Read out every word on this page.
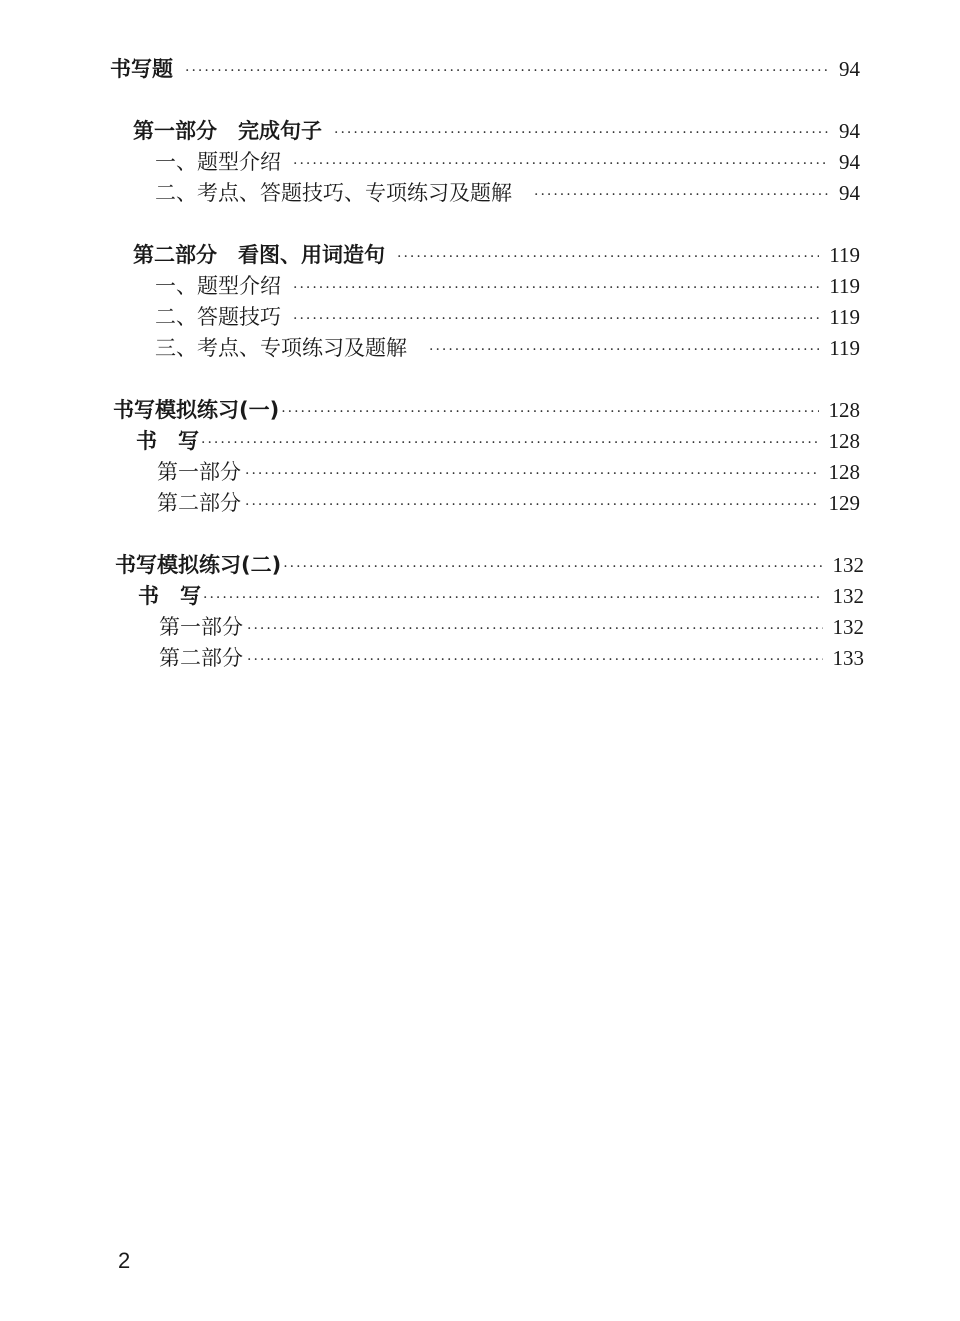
书写题 ·····	94
第一部分　完成句子 ·····	94
一、题型介绍 ·····	94
二、考点、答题技巧、专项练习及题解 ·····	94
第二部分　看图、用词造句 ·····	119
一、题型介绍 ·····	119
二、答题技巧 ·····	119
三、考点、专项练习及题解 ·····	119
书写模拟练习(一) ·····	128
书　写 ·····	128
第一部分 ·····	128
第二部分 ·····	129
书写模拟练习(二) ·····	132
书　写 ·····	132
第一部分 ·····	132
第二部分 ·····	133
2
